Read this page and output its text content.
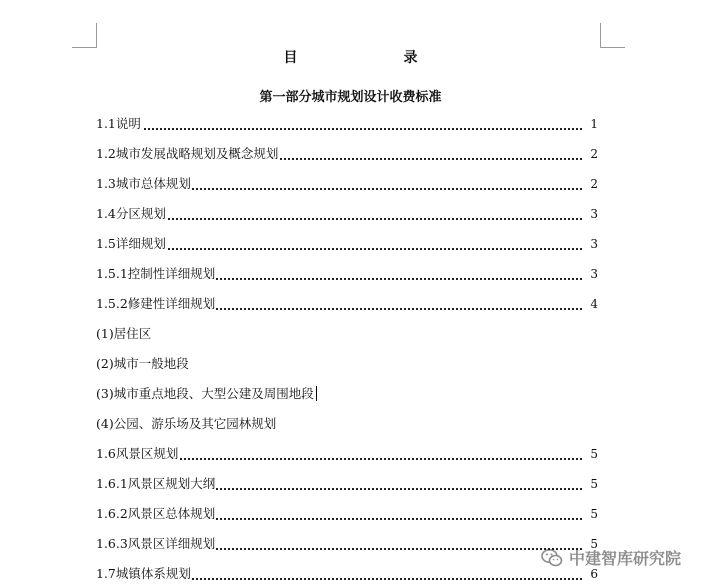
目　　录
第一部分城市规划设计收费标准
1.1说明	1
1.2城市发展战略规划及概念规划	2
1.3城市总体规划	2
1.4分区规划	3
1.5详细规划	3
1.5.1控制性详细规划	3
1.5.2修建性详细规划	4
(1)居住区
(2)城市一般地段
(3)城市重点地段、大型公建及周围地段
(4)公园、游乐场及其它园林规划
1.6风景区规划	5
1.6.1风景区规划大纲	5
1.6.2风景区总体规划	5
1.6.3风景区详细规划	5
1.7城镇体系规划	6
中建智库研究院
